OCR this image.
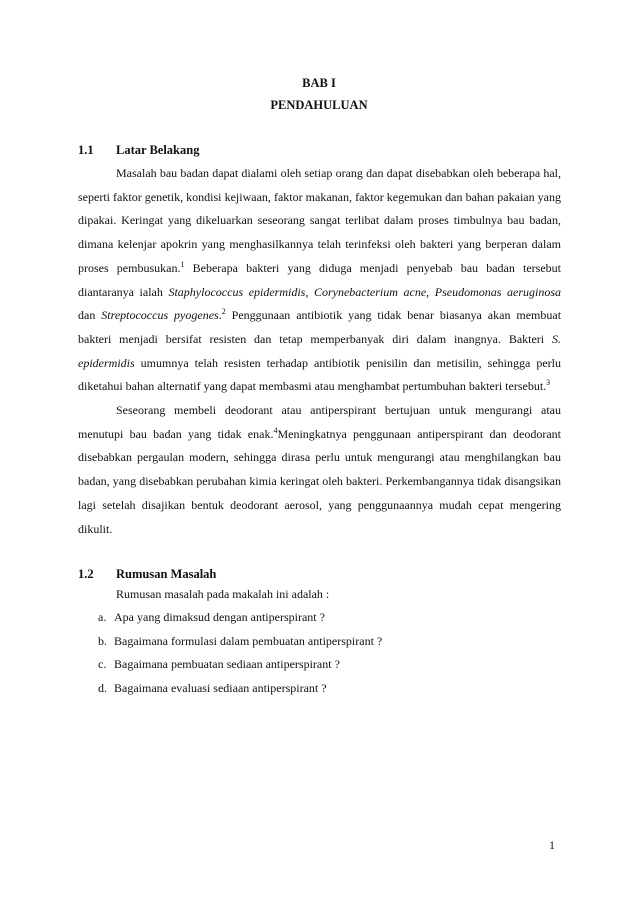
BAB I
PENDAHULUAN
1.1 Latar Belakang

Masalah bau badan dapat dialami oleh setiap orang dan dapat disebabkan oleh beberapa hal, seperti faktor genetik, kondisi kejiwaan, faktor makanan, faktor kegemukan dan bahan pakaian yang dipakai. Keringat yang dikeluarkan seseorang sangat terlibat dalam proses timbulnya bau badan, dimana kelenjar apokrin yang menghasilkannya telah terinfeksi oleh bakteri yang berperan dalam proses pembusukan.$^1$ Beberapa bakteri yang diduga menjadi penyebab bau badan tersebut diantaranya ialah Staphylococcus epidermidis, Corynebacterium acne, Pseudomonas aeruginosa dan Streptococcus pyogenes.$^2$ Penggunaan antibiotik yang tidak benar biasanya akan membuat bakteri menjadi bersifat resisten dan tetap memperbanyak diri dalam inangnya. Bakteri S. epidermidis umumnya telah resisten terhadap antibiotik penisilin dan metisilin, sehingga perlu diketahui bahan alternatif yang dapat membasmi atau menghambat pertumbuhan bakteri tersebut.$^3$

Seseorang membeli deodorant atau antiperspirant bertujuan untuk mengurangi atau menutupi bau badan yang tidak enak.$^4$Meningkatnya penggunaan antiperspirant dan deodorant disebabkan pergaulan modern, sehingga dirasa perlu untuk mengurangi atau menghilangkan bau badan, yang disebabkan perubahan kimia keringat oleh bakteri. Perkembangannya tidak disangsikan lagi setelah disajikan bentuk deodorant aerosol, yang penggunaannya mudah cepat mengering dikulit.

1.2 Rumusan Masalah

Rumusan masalah pada makalah ini adalah :

a. Apa yang dimaksud dengan antiperspirant ?
b. Bagaimana formulasi dalam pembuatan antiperspirant ?
c. Bagaimana pembuatan sediaan antiperspirant ?
d. Bagaimana evaluasi sediaan antiperspirant ?
1
